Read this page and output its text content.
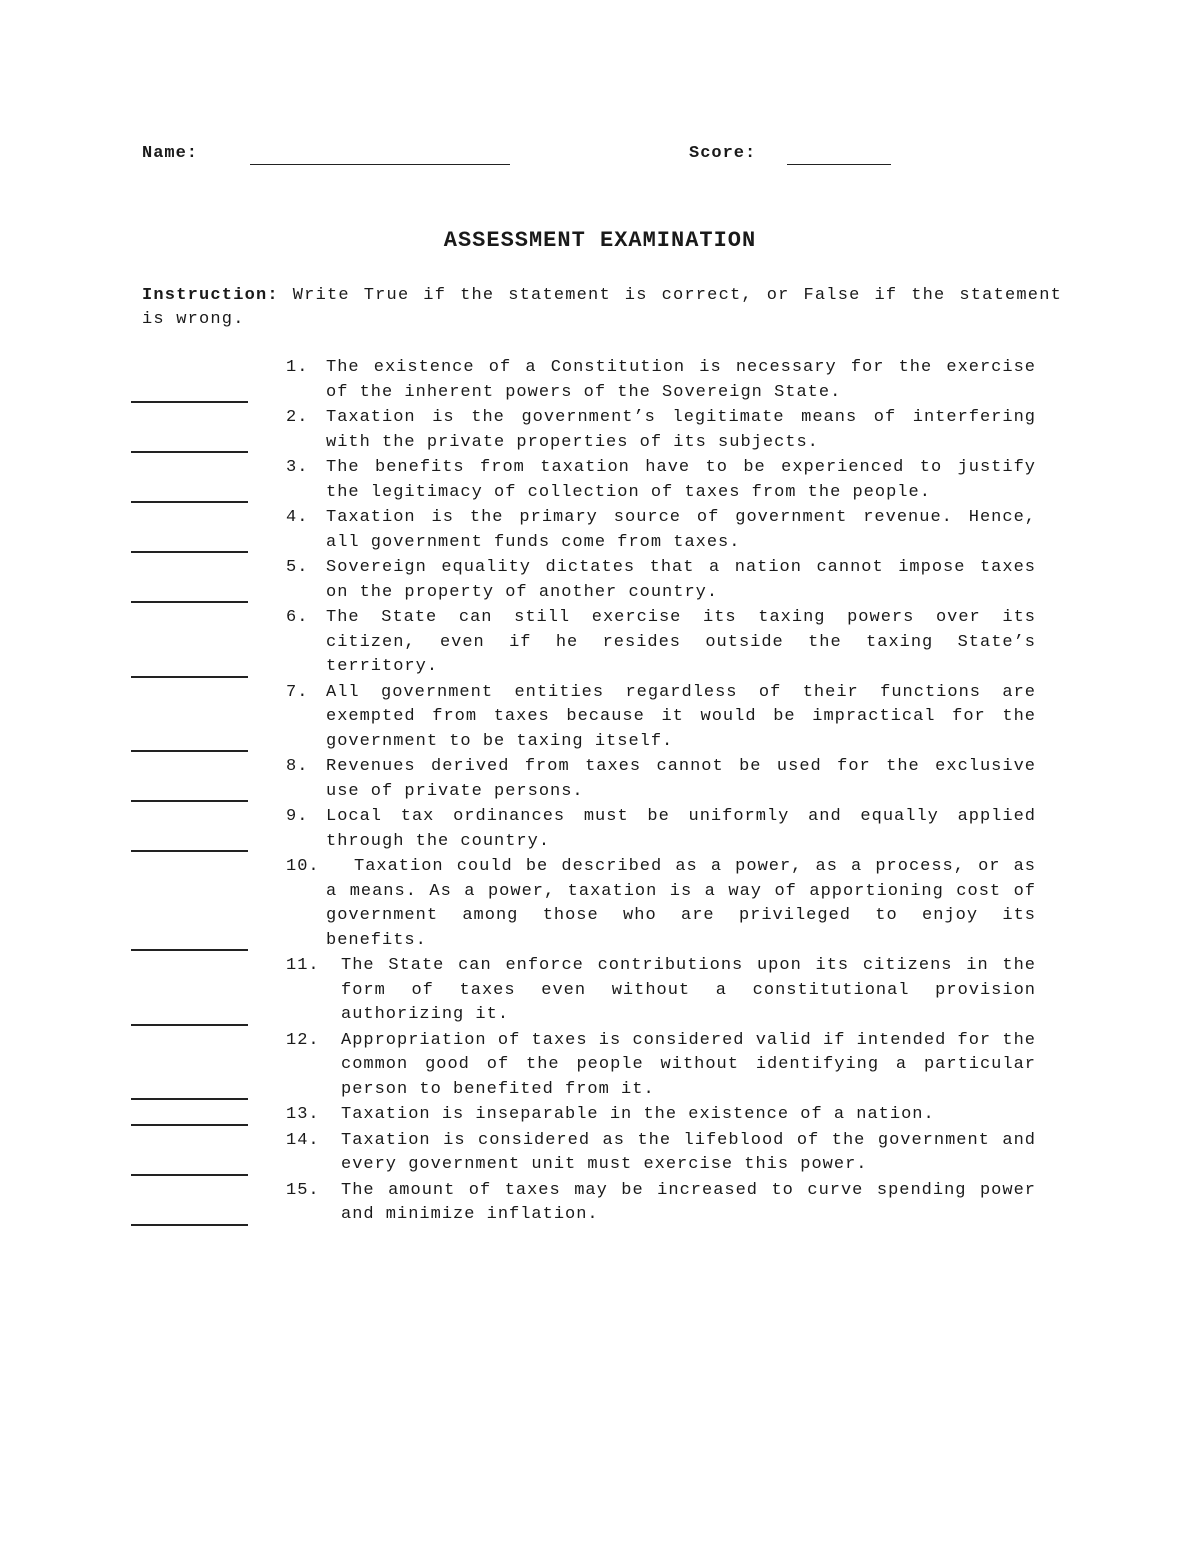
Name:	Score:
ASSESSMENT EXAMINATION
Instruction: Write True if the statement is correct, or False if the statement is wrong.
1. The existence of a Constitution is necessary for the exercise of the inherent powers of the Sovereign State.
2. Taxation is the government’s legitimate means of interfering with the private properties of its subjects.
3. The benefits from taxation have to be experienced to justify the legitimacy of collection of taxes from the people.
4. Taxation is the primary source of government revenue. Hence, all government funds come from taxes.
5. Sovereign equality dictates that a nation cannot impose taxes on the property of another country.
6. The State can still exercise its taxing powers over its citizen, even if he resides outside the taxing State’s territory.
7. All government entities regardless of their functions are exempted from taxes because it would be impractical for the government to be taxing itself.
8. Revenues derived from taxes cannot be used for the exclusive use of private persons.
9. Local tax ordinances must be uniformly and equally applied through the country.
10.	Taxation could be described as a power, as a process, or as a means. As a power, taxation is a way of apportioning cost of government among those who are privileged to enjoy its benefits.
11. The State can enforce contributions upon its citizens in the form of taxes even without a constitutional provision authorizing it.
12. Appropriation of taxes is considered valid if intended for the common good of the people without identifying a particular person to benefited from it.
13. Taxation is inseparable in the existence of a nation.
14. Taxation is considered as the lifeblood of the government and every government unit must exercise this power.
15. The amount of taxes may be increased to curve spending power and minimize inflation.
